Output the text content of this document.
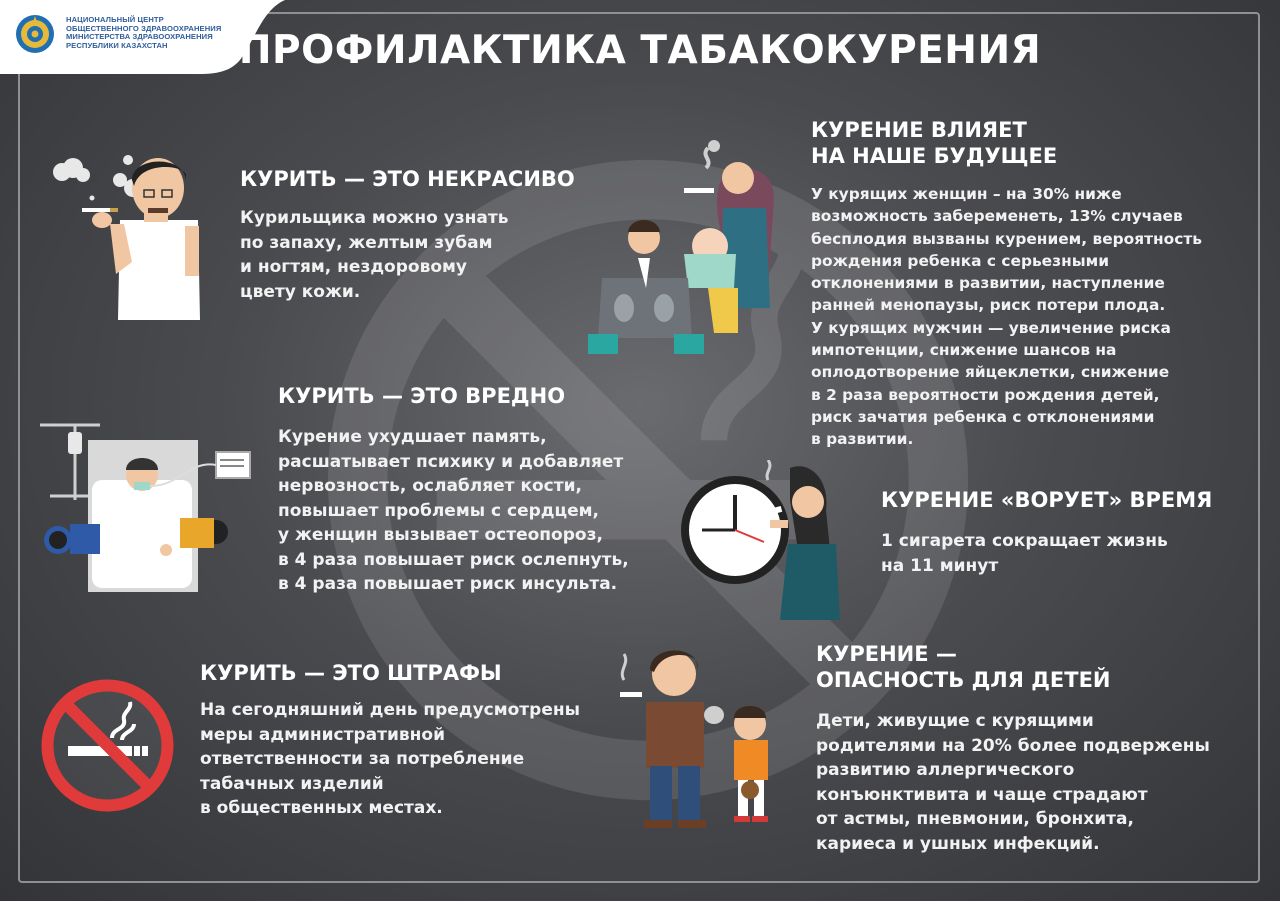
НАЦИОНАЛЬНЫЙ ЦЕНТР
ОБЩЕСТВЕННОГО ЗДРАВООХРАНЕНИЯ
МИНИСТЕРСТВА ЗДРАВООХРАНЕНИЯ
РЕСПУБЛИКИ КАЗАХСТАН	ПРОФИЛАКТИКА ТАБАКОКУРЕНИЯ
КУРИТЬ — ЭТО НЕКРАСИВО
Курильщика можно узнать
по запаху, желтым зубам
и ногтям, нездоровому
цвету кожи.
КУРИТЬ — ЭТО ВРЕДНО
Курение ухудшает память,
расшатывает психику и добавляет
нервозность, ослабляет кости,
повышает проблемы с сердцем,
у женщин вызывает остеопороз,
в 4 раза повышает риск ослепнуть,
в 4 раза повышает риск инсульта.
КУРИТЬ — ЭТО ШТРАФЫ
На сегодняшний день предусмотрены
меры административной
ответственности за потребление
табачных изделий
в общественных местах.
КУРЕНИЕ ВЛИЯЕТ
НА НАШЕ БУДУЩЕЕ
У курящих женщин – на 30% ниже
возможность забеременеть, 13% случаев
бесплодия вызваны курением, вероятность
рождения ребенка с серьезными
отклонениями в развитии, наступление
ранней менопаузы, риск потери плода.
У курящих мужчин — увеличение риска
импотенции, снижение шансов на
оплодотворение яйцеклетки, снижение
в 2 раза вероятности рождения детей,
риск зачатия ребенка с отклонениями
в развитии.
КУРЕНИЕ «ВОРУЕТ» ВРЕМЯ
1 сигарета сокращает жизнь
на 11 минут
КУРЕНИЕ —
ОПАСНОСТЬ ДЛЯ ДЕТЕЙ
Дети, живущие с курящими
родителями на 20% более подвержены
развитию аллергического
конъюнктивита и чаще страдают
от астмы, пневмонии, бронхита,
кариеса и ушных инфекций.
